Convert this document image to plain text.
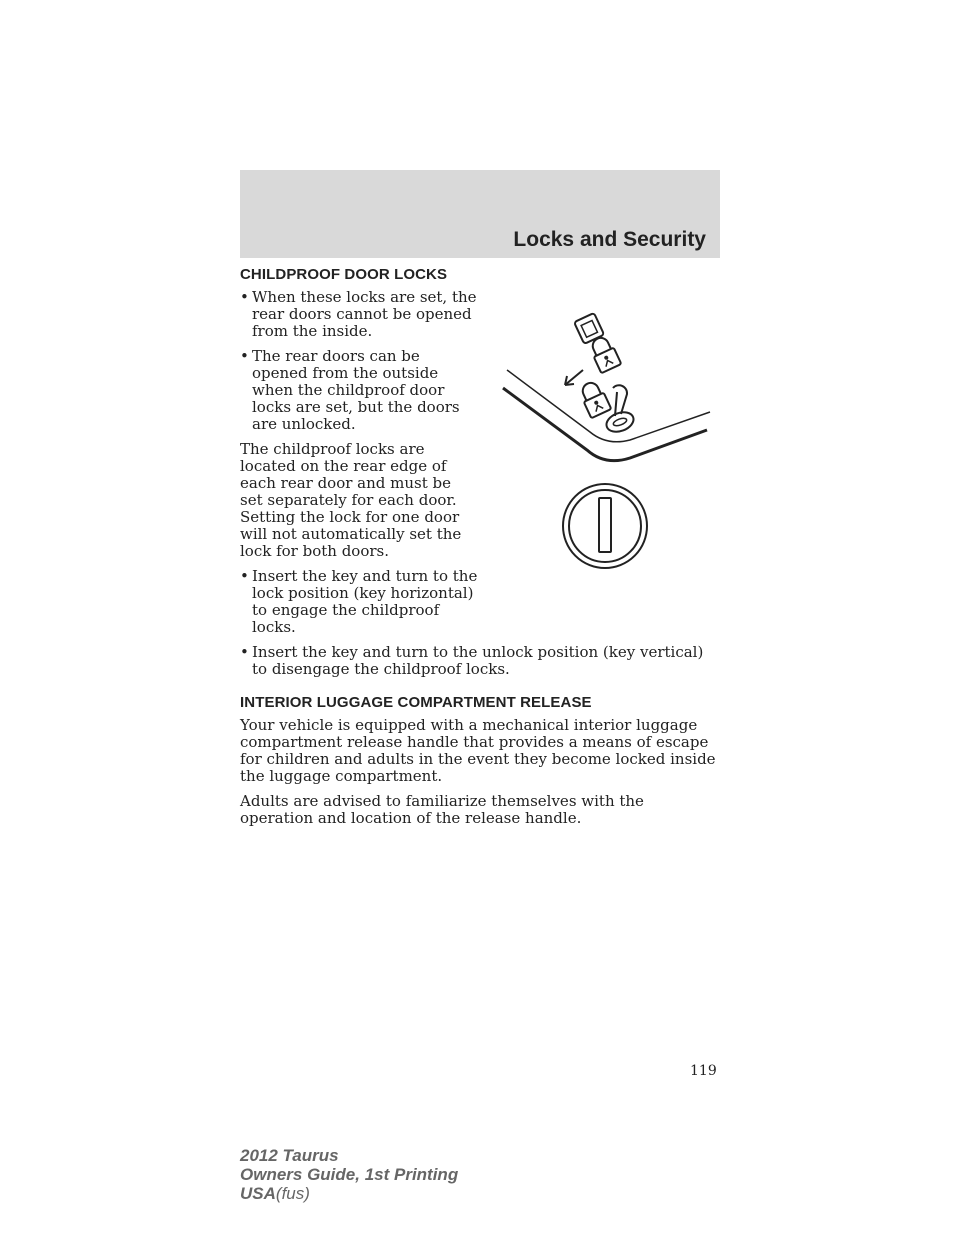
Locks and Security
CHILDPROOF DOOR LOCKS
• When these locks are set, the rear doors cannot be opened from the inside.
• The rear doors can be opened from the outside when the childproof door locks are set, but the doors are unlocked.

The childproof locks are located on the rear edge of each rear door and must be set separately for each door. Setting the lock for one door will not automatically set the lock for both doors.

• Insert the key and turn to the lock position (key horizontal) to engage the childproof locks.
• Insert the key and turn to the unlock position (key vertical) to disengage the childproof locks.
INTERIOR LUGGAGE COMPARTMENT RELEASE

Your vehicle is equipped with a mechanical interior luggage compartment release handle that provides a means of escape for children and adults in the event they become locked inside the luggage compartment.

Adults are advised to familiarize themselves with the operation and location of the release handle.

119
2012 Taurus
Owners Guide, 1st Printing
USA(fus)
